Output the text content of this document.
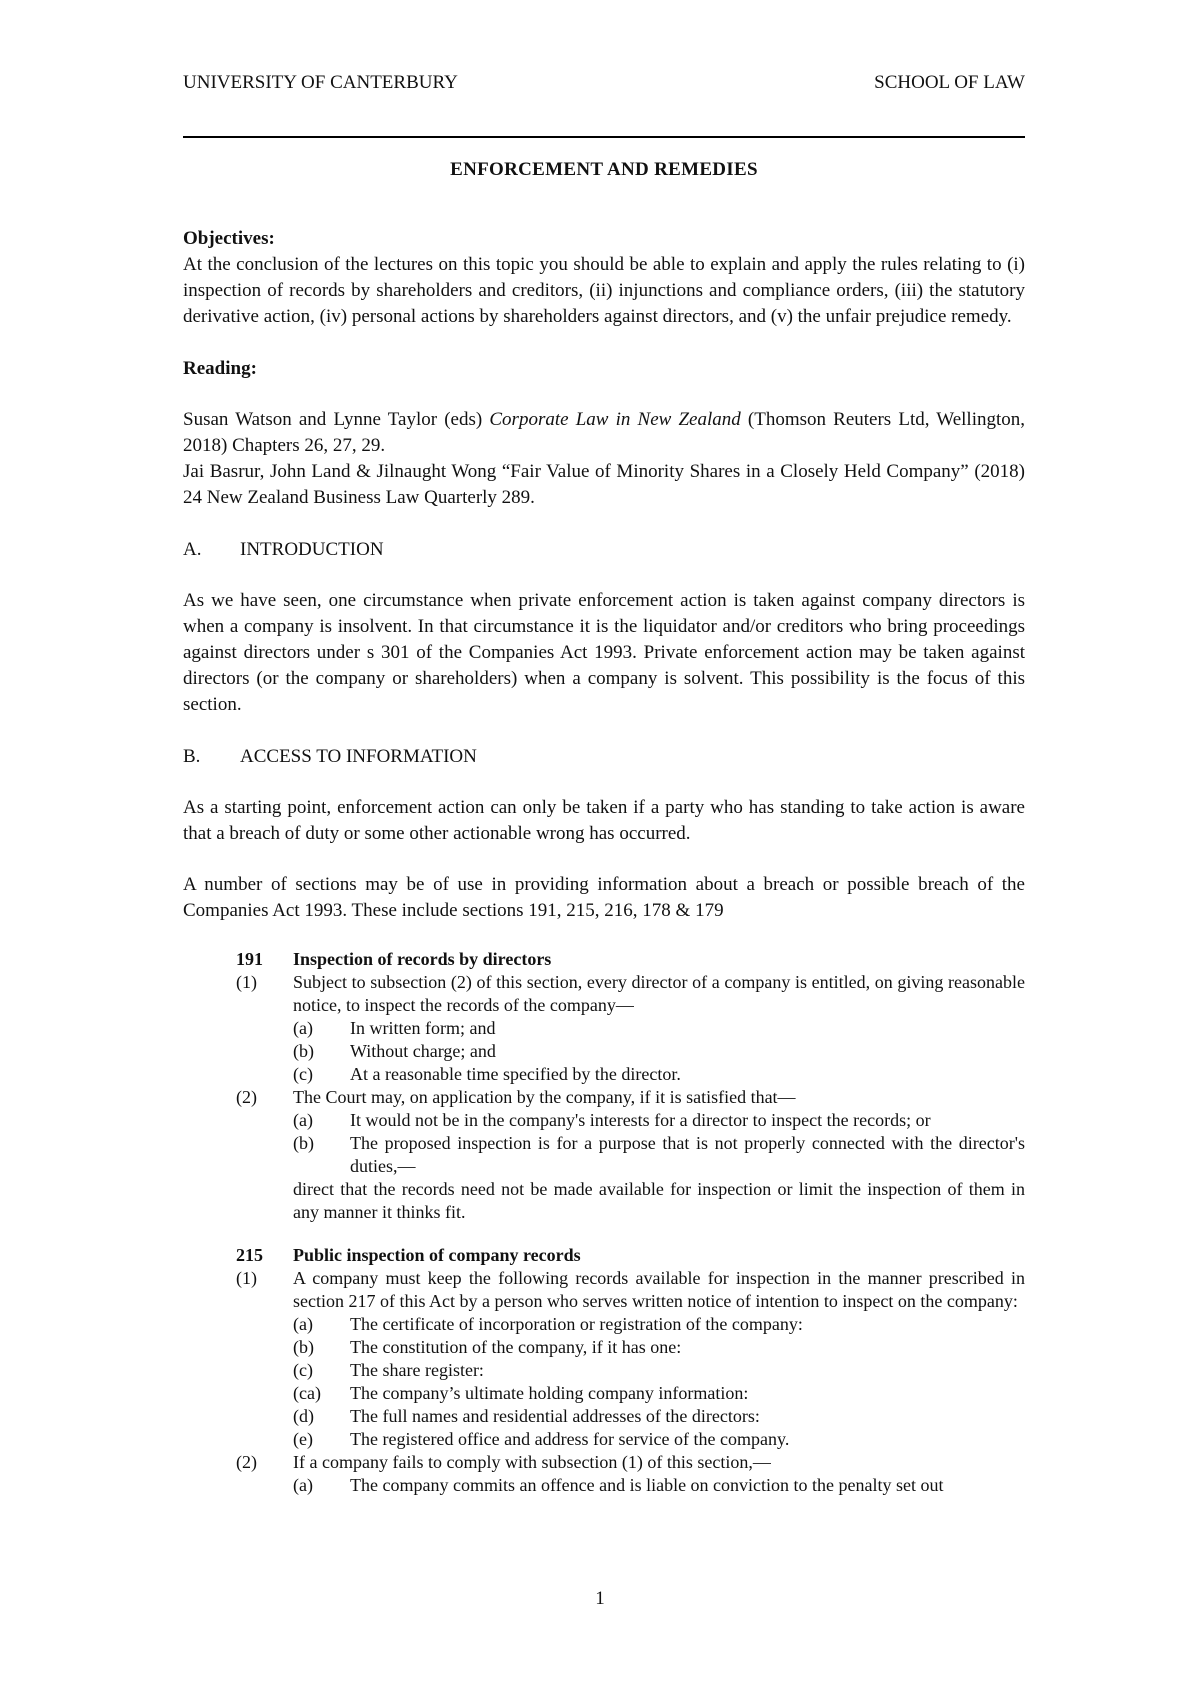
UNIVERSITY OF CANTERBURY	SCHOOL OF LAW
ENFORCEMENT AND REMEDIES
Objectives:

At the conclusion of the lectures on this topic you should be able to explain and apply the rules relating to (i) inspection of records by shareholders and creditors, (ii) injunctions and compliance orders, (iii) the statutory derivative action, (iv) personal actions by shareholders against directors, and (v) the unfair prejudice remedy.

Reading:

Susan Watson and Lynne Taylor (eds) Corporate Law in New Zealand (Thomson Reuters Ltd, Wellington, 2018) Chapters 26, 27, 29.

Jai Basrur, John Land & Jilnaught Wong “Fair Value of Minority Shares in a Closely Held Company” (2018) 24 New Zealand Business Law Quarterly 289.

A.	INTRODUCTION

As we have seen, one circumstance when private enforcement action is taken against company directors is when a company is insolvent. In that circumstance it is the liquidator and/or creditors who bring proceedings against directors under s 301 of the Companies Act 1993. Private enforcement action may be taken against directors (or the company or shareholders) when a company is solvent. This possibility is the focus of this section.

B.	ACCESS TO INFORMATION

As a starting point, enforcement action can only be taken if a party who has standing to take action is aware that a breach of duty or some other actionable wrong has occurred.

A number of sections may be of use in providing information about a breach or possible breach of the Companies Act 1993. These include sections 191, 215, 216, 178 & 179

191	Inspection of records by directors
(1)	Subject to subsection (2) of this section, every director of a company is entitled, on giving reasonable notice, to inspect the records of the company—
(a)	In written form; and
(b)	Without charge; and
(c)	At a reasonable time specified by the director.
(2)	The Court may, on application by the company, if it is satisfied that—
(a)	It would not be in the company's interests for a director to inspect the records; or
(b)	The proposed inspection is for a purpose that is not properly connected with the director's duties,—
direct that the records need not be made available for inspection or limit the inspection of them in any manner it thinks fit.
215	Public inspection of company records
(1)	A company must keep the following records available for inspection in the manner prescribed in section 217 of this Act by a person who serves written notice of intention to inspect on the company:
(a)	The certificate of incorporation or registration of the company:
(b)	The constitution of the company, if it has one:
(c)	The share register:
(ca)	The company’s ultimate holding company information:
(d)	The full names and residential addresses of the directors:
(e)	The registered office and address for service of the company.
(2)	If a company fails to comply with subsection (1) of this section,—
(a)	The company commits an offence and is liable on conviction to the penalty set out
1
